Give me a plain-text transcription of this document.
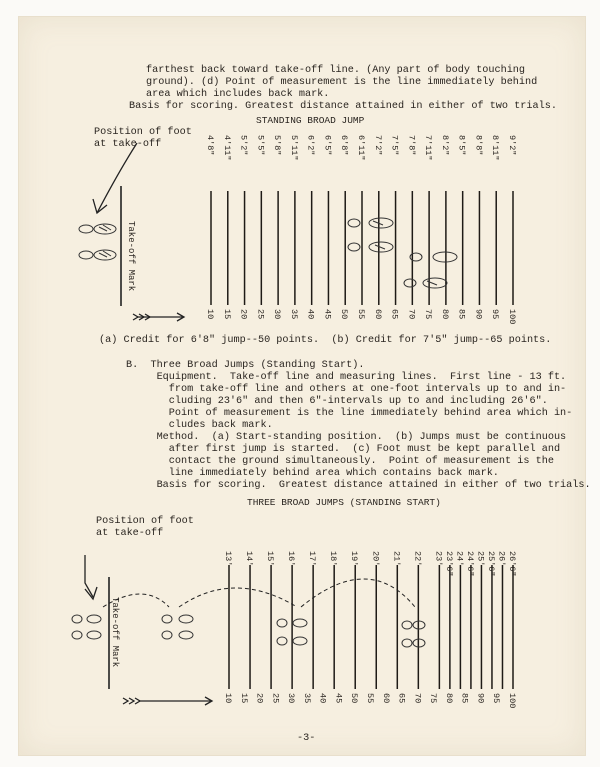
farthest back toward take-off line. (Any part of body touching
ground). (d) Point of measurement is the line immediately behind
area which includes back mark.
Basis for scoring. Greatest distance attained in either of two trials.
STANDING BROAD JUMP
Position of foot
at take-off	4'8" 4'11" 5'2" 5'5" 5'8" 5'11" 6'2" 6'5" 6'8" 6'11" 7'2" 7'5" 7'8" 7'11" 8'2" 8'5" 8'8" 8'11" 9'2"
10 15 20 25 30 35 40 45 50 55 60 65 70 75 80 85 90 95 100
Take-off Mark
(a) Credit for 6'8" jump--50 points.  (b) Credit for 7'5" jump--65 points.
B.  Three Broad Jumps (Standing Start).
Equipment.  Take-off line and measuring lines.  First line - 13 ft.
from take-off line and others at one-foot intervals up to and in-
cluding 23'6" and then 6"-intervals up to and including 26'6".
Point of measurement is the line immediately behind area which in-
cludes back mark.
Method.  (a) Start-standing position.  (b) Jumps must be continuous
after first jump is started.  (c) Foot must be kept parallel and
contact the ground simultaneously.  Point of measurement is the
line immediately behind area which contains back mark.
Basis for scoring.  Greatest distance attained in either of two trials.
THREE BROAD JUMPS (STANDING START)
Position of foot
at take-off
13' 14' 15' 16' 17' 18' 19' 20' 21' 22' 23' 23'6" 24' 24'6" 25' 25'6" 26' 26'6"
10 15 20 25 30 35 40 45 50 55 60 65 70 75 80 85 90 95 100
Take-off Mark
-3-
